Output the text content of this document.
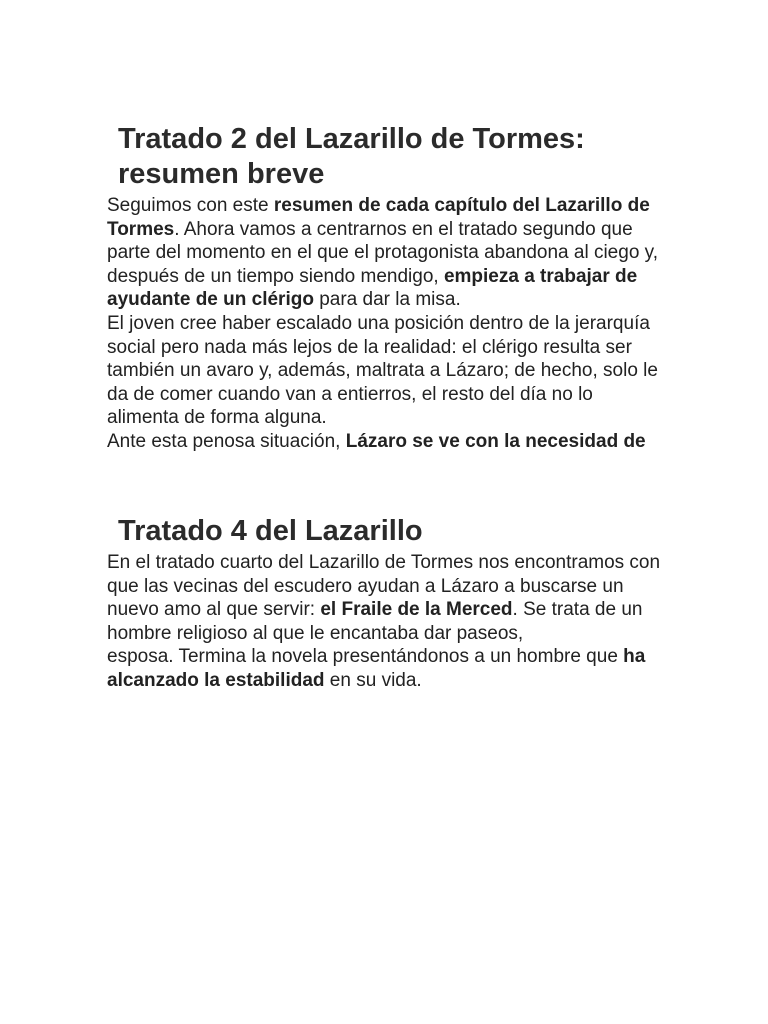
Tratado 2 del Lazarillo de Tormes: resumen breve

Seguimos con este resumen de cada capítulo del Lazarillo de Tormes. Ahora vamos a centrarnos en el tratado segundo que parte del momento en el que el protagonista abandona al ciego y, después de un tiempo siendo mendigo, empieza a trabajar de ayudante de un clérigo para dar la misa.

El joven cree haber escalado una posición dentro de la jerarquía social pero nada más lejos de la realidad: el clérigo resulta ser también un avaro y, además, maltrata a Lázaro; de hecho, solo le da de comer cuando van a entierros, el resto del día no lo alimenta de forma alguna.

Ante esta penosa situación, Lázaro se ve con la necesidad de

Tratado 4 del Lazarillo

En el tratado cuarto del Lazarillo de Tormes nos encontramos con que las vecinas del escudero ayudan a Lázaro a buscarse un nuevo amo al que servir: el Fraile de la Merced. Se trata de un hombre religioso al que le encantaba dar paseos,

esposa. Termina la novela presentándonos a un hombre que ha alcanzado la estabilidad en su vida.
